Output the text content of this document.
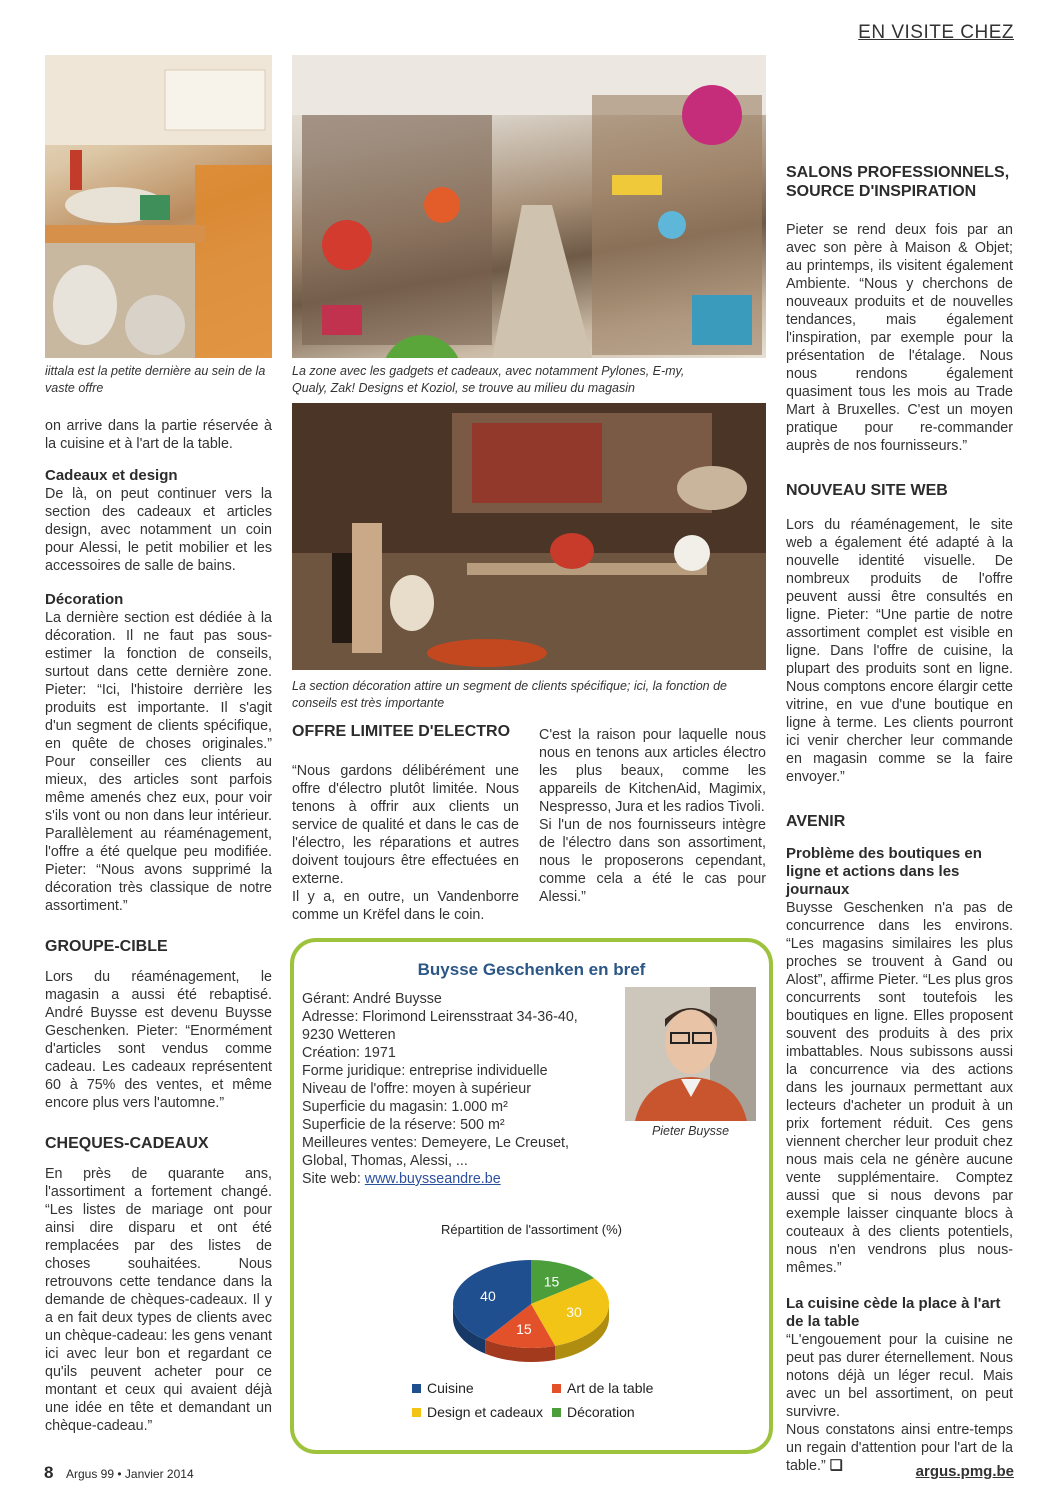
EN VISITE CHEZ
iittala est la petite dernière au sein de la vaste offre
La zone avec les gadgets et cadeaux, avec notamment Pylones, E-my, Qualy, Zak! Designs et Koziol, se trouve au milieu du magasin
La section décoration attire un segment de clients spécifique; ici, la fonction de conseils est très importante

on arrive dans la partie réservée à la cuisine et à l'art de la table.

Cadeaux et design

De là, on peut continuer vers la section des cadeaux et articles design, avec notamment un coin pour Alessi, le petit mobilier et les accessoires de salle de bains.

Décoration

La dernière section est dédiée à la décoration. Il ne faut pas sous-estimer la fonction de conseils, surtout dans cette dernière zone. Pieter: “Ici, l'histoire derrière les produits est importante. Il s'agit d'un segment de clients spécifique, en quête de choses originales.” Pour conseiller ces clients au mieux, des articles sont parfois même amenés chez eux, pour voir s'ils vont ou non dans leur intérieur. Parallèlement au réaménagement, l'offre a été quelque peu modifiée. Pieter: “Nous avons supprimé la décoration très classique de notre assortiment.”

GROUPE-CIBLE

Lors du réaménagement, le magasin a aussi été rebaptisé. André Buysse est devenu Buysse Geschenken. Pieter: “Enormément d'articles sont vendus comme cadeau. Les cadeaux représentent 60 à 75% des ventes, et même encore plus vers l'automne.”

CHEQUES-CADEAUX

En près de quarante ans, l'assortiment a fortement changé. “Les listes de mariage ont pour ainsi dire disparu et ont été remplacées par des listes de choses souhaitées. Nous retrouvons cette tendance dans la demande de chèques-cadeaux. Il y a en fait deux types de clients avec un chèque-cadeau: les gens venant ici avec leur bon et regardant ce qu'ils peuvent acheter pour ce montant et ceux qui avaient déjà une idée en tête et demandant un chèque-cadeau.”

OFFRE LIMITEE D'ELECTRO

“Nous gardons délibérément une offre d'électro plutôt limitée. Nous tenons à offrir aux clients un service de qualité et dans le cas de l'électro, les réparations et autres doivent toujours être effectuées en externe.

Il y a, en outre, un Vandenborre comme un Krëfel dans le coin.

C'est la raison pour laquelle nous nous en tenons aux articles électro les plus beaux, comme les appareils de KitchenAid, Magimix, Nespresso, Jura et les radios Tivoli.

Si l'un de nos fournisseurs intègre de l'électro dans son assortiment, nous le proposerons cependant, comme cela a été le cas pour Alessi.”

Buysse Geschenken en bref
Gérant: André Buysse
Adresse: Florimond Leirensstraat 34-36-40,
9230 Wetteren
Création: 1971
Forme juridique: entreprise individuelle
Niveau de l'offre: moyen à supérieur
Superficie du magasin: 1.000 m²
Superficie de la réserve: 500 m²
Meilleures ventes: Demeyere, Le Creuset,
Global, Thomas, Alessi, ...
Site web: www.buysseandre.be
Pieter Buysse
Répartition de l'assortiment (%)
15
30
15
40
Cuisine	Art de la table
Design et cadeaux	Décoration

SALONS PROFESSIONNELS, SOURCE D'INSPIRATION

Pieter se rend deux fois par an avec son père à Maison & Objet; au printemps, ils visitent également Ambiente. “Nous y cherchons de nouveaux produits et de nouvelles tendances, mais également l'inspiration, par exemple pour la présentation de l'étalage. Nous nous rendons également quasiment tous les mois au Trade Mart à Bruxelles. C'est un moyen pratique pour re-commander auprès de nos fournisseurs.”

NOUVEAU SITE WEB

Lors du réaménagement, le site web a également été adapté à la nouvelle identité visuelle. De nombreux produits de l'offre peuvent aussi être consultés en ligne. Pieter: “Une partie de notre assortiment complet est visible en ligne. Dans l'offre de cuisine, la plupart des produits sont en ligne. Nous comptons encore élargir cette vitrine, en vue d'une boutique en ligne à terme. Les clients pourront ici venir chercher leur commande en magasin comme se la faire envoyer.”

AVENIR

Problème des boutiques en ligne et actions dans les journaux

Buysse Geschenken n'a pas de concurrence dans les environs. “Les magasins similaires les plus proches se trouvent à Gand ou Alost”, affirme Pieter. “Les plus gros concurrents sont toutefois les boutiques en ligne. Elles proposent souvent des produits à des prix imbattables. Nous subissons aussi la concurrence via des actions dans les journaux permettant aux lecteurs d'acheter un produit à un prix fortement réduit. Ces gens viennent chercher leur produit chez nous mais cela ne génère aucune vente supplémentaire. Comptez aussi que si nous devons par exemple laisser cinquante blocs à couteaux à des clients potentiels, nous n'en vendrons plus nous-mêmes.”

La cuisine cède la place à l'art de la table

“L'engouement pour la cuisine ne peut pas durer éternellement. Nous notons déjà un léger recul. Mais avec un bel assortiment, on peut survivre.

Nous constatons ainsi entre-temps un regain d'attention pour l'art de la table.” ❑

8 Argus 99 • Janvier 2014	argus.pmg.be
